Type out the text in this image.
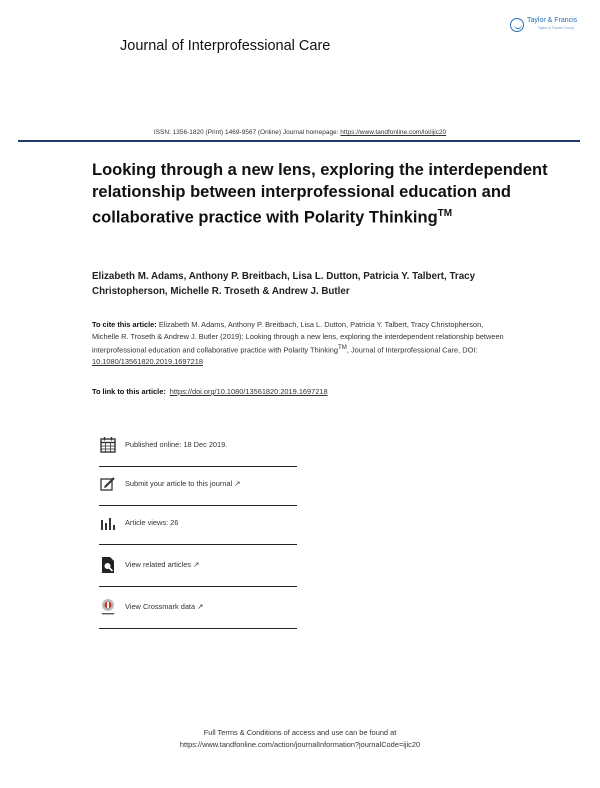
Journal of Interprofessional Care
Taylor & Francis
Taylor & Francis Group
ISSN: 1356-1820 (Print) 1469-9567 (Online) Journal homepage: https://www.tandfonline.com/loi/ijic20
Looking through a new lens, exploring the interdependent relationship between interprofessional education and collaborative practice with Polarity Thinking™
Elizabeth M. Adams, Anthony P. Breitbach, Lisa L. Dutton, Patricia Y. Talbert, Tracy Christopherson, Michelle R. Troseth & Andrew J. Butler
To cite this article: Elizabeth M. Adams, Anthony P. Breitbach, Lisa L. Dutton, Patricia Y. Talbert, Tracy Christopherson, Michelle R. Troseth & Andrew J. Butler (2019): Looking through a new lens, exploring the interdependent relationship between interprofessional education and collaborative practice with Polarity Thinking™, Journal of Interprofessional Care, DOI: 10.1080/13561820.2019.1697218
To link to this article: https://doi.org/10.1080/13561820.2019.1697218
Published online: 18 Dec 2019.
Submit your article to this journal ↗
Article views: 26
View related articles ↗
View Crossmark data ↗
Full Terms & Conditions of access and use can be found at
https://www.tandfonline.com/action/journalInformation?journalCode=ijic20
